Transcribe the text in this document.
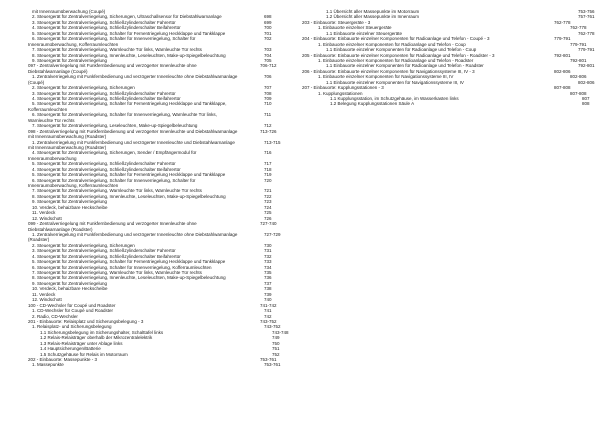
mit Innenraumüberwachung (Coupé)
2. Steuergerät für Zentralverriegelung, Sicherungen, Ultraschallsensor für Diebstahlwarnanlage	698
3. Steuergerät für Zentralverriegelung, Schließzylinderschalter Fahrertür	699
4. Steuergerät für Zentralverriegelung, Schließzylinderschalter Beifahrertür	700
5. Steuergerät für Zentralverriegelung, Schalter für Fernentriegelung Heckklappe und Tankklappe	701
6. Steuergerät für Zentralverriegelung, Schalter für Innenverriegelung, Schalter für	702
Innenraumüberwachung, Kofferraumleuchten
7. Steuergerät für Zentralverriegelung, Warnleuchte Tür links, Warnleuchte Tür rechts	703
8. Steuergerät für Zentralverriegelung, Innenleuchte, Leseleuchten, Make-up-Spiegelbeleuchtung	704
9. Steuergerät für Zentralverriegelung	705
097 - Zentralverriegelung mit Funkfernbedienung und verzögerter Innenleuchte ohne	706-712
Diebstahlwarnanlage (Coupé)
1. Zentralverriegelung mit Funkfernbedienung und verzögerter Innenleuchte ohne Diebstahlwarnanlage	706
(Coupé)
2. Steuergerät für Zentralverriegelung, Sicherungen	707
3. Steuergerät für Zentralverriegelung, Schließzylinderschalter Fahrertür	708
4. Steuergerät für Zentralverriegelung, Schließzylinderschalter Beifahrertür	709
5. Steuergerät für Zentralverriegelung, Schalter für Fernentriegelung Heckklappe und Tankklappe,	710
Kofferraumleuchten
6. Steuergerät für Zentralverriegelung, Schalter für Innenverriegelung, Warnleuchte Tür links,	711
Warnleuchte Tür rechts
7. Steuergerät für Zentralverriegelung, Leseleuchten, Make-up-Spiegelbeleuchtung	712
098 - Zentralverriegelung mit Funkfernbedienung und verzögerter Innenleuchte und Diebstahlwarnanlage	713-726
mit Innenraumüberwachung (Roadster)
1. Zentralverriegelung mit Funkfernbedienung und verzögerter Innenleuchte und Diebstahlwarnanlage	713-715
mit Innenraumüberwachung (Roadster)
4. Steuergerät für Zentralverriegelung, Sicherungen, Sender / Empfängermodul für	716
Innenraumüberwachung
5. Steuergerät für Zentralverriegelung, Schließzylinderschalter Fahrertür	717
4. Steuergerät für Zentralverriegelung, Schließzylinderschalter Beifahrertür	718
5. Steuergerät für Zentralverriegelung, Schalter für Fernentriegelung Heckklappe und Tankklappe	719
6. Steuergerät für Zentralverriegelung, Schalter für Innenverriegelung, Schalter für	720
Innenraumüberwachung, Kofferraumleuchten
7. Steuergerät für Zentralverriegelung, Warnleuchte Tür links, Warnleuchte Tür rechts	721
8. Steuergerät für Zentralverriegelung, Innenleuchte, Leseleuchten, Make-up-Spiegelbeleuchtung	722
9. Steuergerät für Zentralverriegelung	723
10. Verdeck, behaizbare Heckscheibe	724
11. Verdeck	725
12. Windschott	726
099 - Zentralverriegelung mit Funkfernbedienung und verzögerter Innenleuchte ohne	727-740
Diebstahlwarnanlage (Roadster)
1. Zentralverriegelung mit Funkfernbedienung und verzögerter Innenleuchte ohne Diebstahlwarnanlage	727-729
(Roadster)
2. Steuergerät für Zentralverriegelung, Sicherungen	730
3. Steuergerät für Zentralverriegelung, Schließzylinderschalter Fahrertür	731
4. Steuergerät für Zentralverriegelung, Schließzylinderschalter Beifahrertür	732
5. Steuergerät für Zentralverriegelung, Schalter für Fernentriegelung Heckklappe und Tankklappe	733
6. Steuergerät für Zentralverriegelung, Schalter für Innenverriegelung, Kofferraumleuchten	734
7. Steuergerät für Zentralverriegelung, Warnleuchte Tür links, Warnleuchte Tür rechts	735
8. Steuergerät für Zentralverriegelung, Innenleuchte, Leseleuchten, Make-up-Spiegelbeleuchtung	736
9. Steuergerät für Zentralverriegelung	737
10. Verdeck, behaizbare Heckscheibe	738
11. Verdeck	739
12. Windschott	740
100 - CD-Wechsler für Coupé und Roadster	741-742
1. CD-Wechsler für Coupé und Roadster	741
2. Radio, CD-Wechsler	742
201 - Einbauorte: Relaisplatz und Sicherungsbelegung - 3	743-752
1. Relaisplatz- und Sicherungsbelegung	743-752
1.1 Sicherungsbelegung im Sicherungshalter, Schalttafel links	743-748
1.2 Relais-Relaisträger oberhalb der Mikrozentralelektrik	749
1.3 Relais-Relaisträger unter Ablage links	750
1.4 Hauptsicherungen/Batterie	751
1.5 Schutzgehäuse für Relais im Motorraum	752
202 - Einbauorte: Massepunkte - 3	753-761
1. Massepunkte	753-761
1.1 Übersicht aller Massepunkte im Motorraum	753-756
1.2 Übersicht aller Massepunkte im Innenraum	757-761
203 - Einbauorte: Steuergeräte - 3	762-778
1. Einbauorte einzelner Steuergeräte	762-778
1.1 Einbauorte einzelner Steuergeräte	762-778
204 - Einbauorte: Einbauorte einzelner Komponenten für Radioanlage und Telefon - Coupé - 3	779-791
1. Einbauorte einzelner Komponenten für Radioanlage und Telefon - Coup	779-791
1.1 Einbauorte einzelner Komponenten für Radioanlage und Telefon - Coup	779-791
205 - Einbauorte: Einbauorte einzelner Komponenten für Radioanlage und Telefon - Roadster - 3	792-801
1. Einbauorte einzelner Komponenten für Radioanlage und Telefon - Roadster	792-801
1.1 Einbauorte einzelner Komponenten für Radioanlage und Telefon - Roadster	792-801
206 - Einbauorte: Einbauorte einzelner Komponenten für Navigationssysteme III, IV - 3	802-806
1. Einbauorte einzelner Komponenten für Navigationssysteme III, IV	802-806
1.1 Einbauorte einzelner Komponenten für Navigationssysteme III, IV	802-806
207 - Einbauorte: Kupplungsstationen - 3	807-808
1. Kupplungsstationen	807-808
1.1 Kupplungsstation, im Schutzgehäuse, im Wasserkasten links	807
1.2 Belegung Kupplungsstationen Säule A	808
